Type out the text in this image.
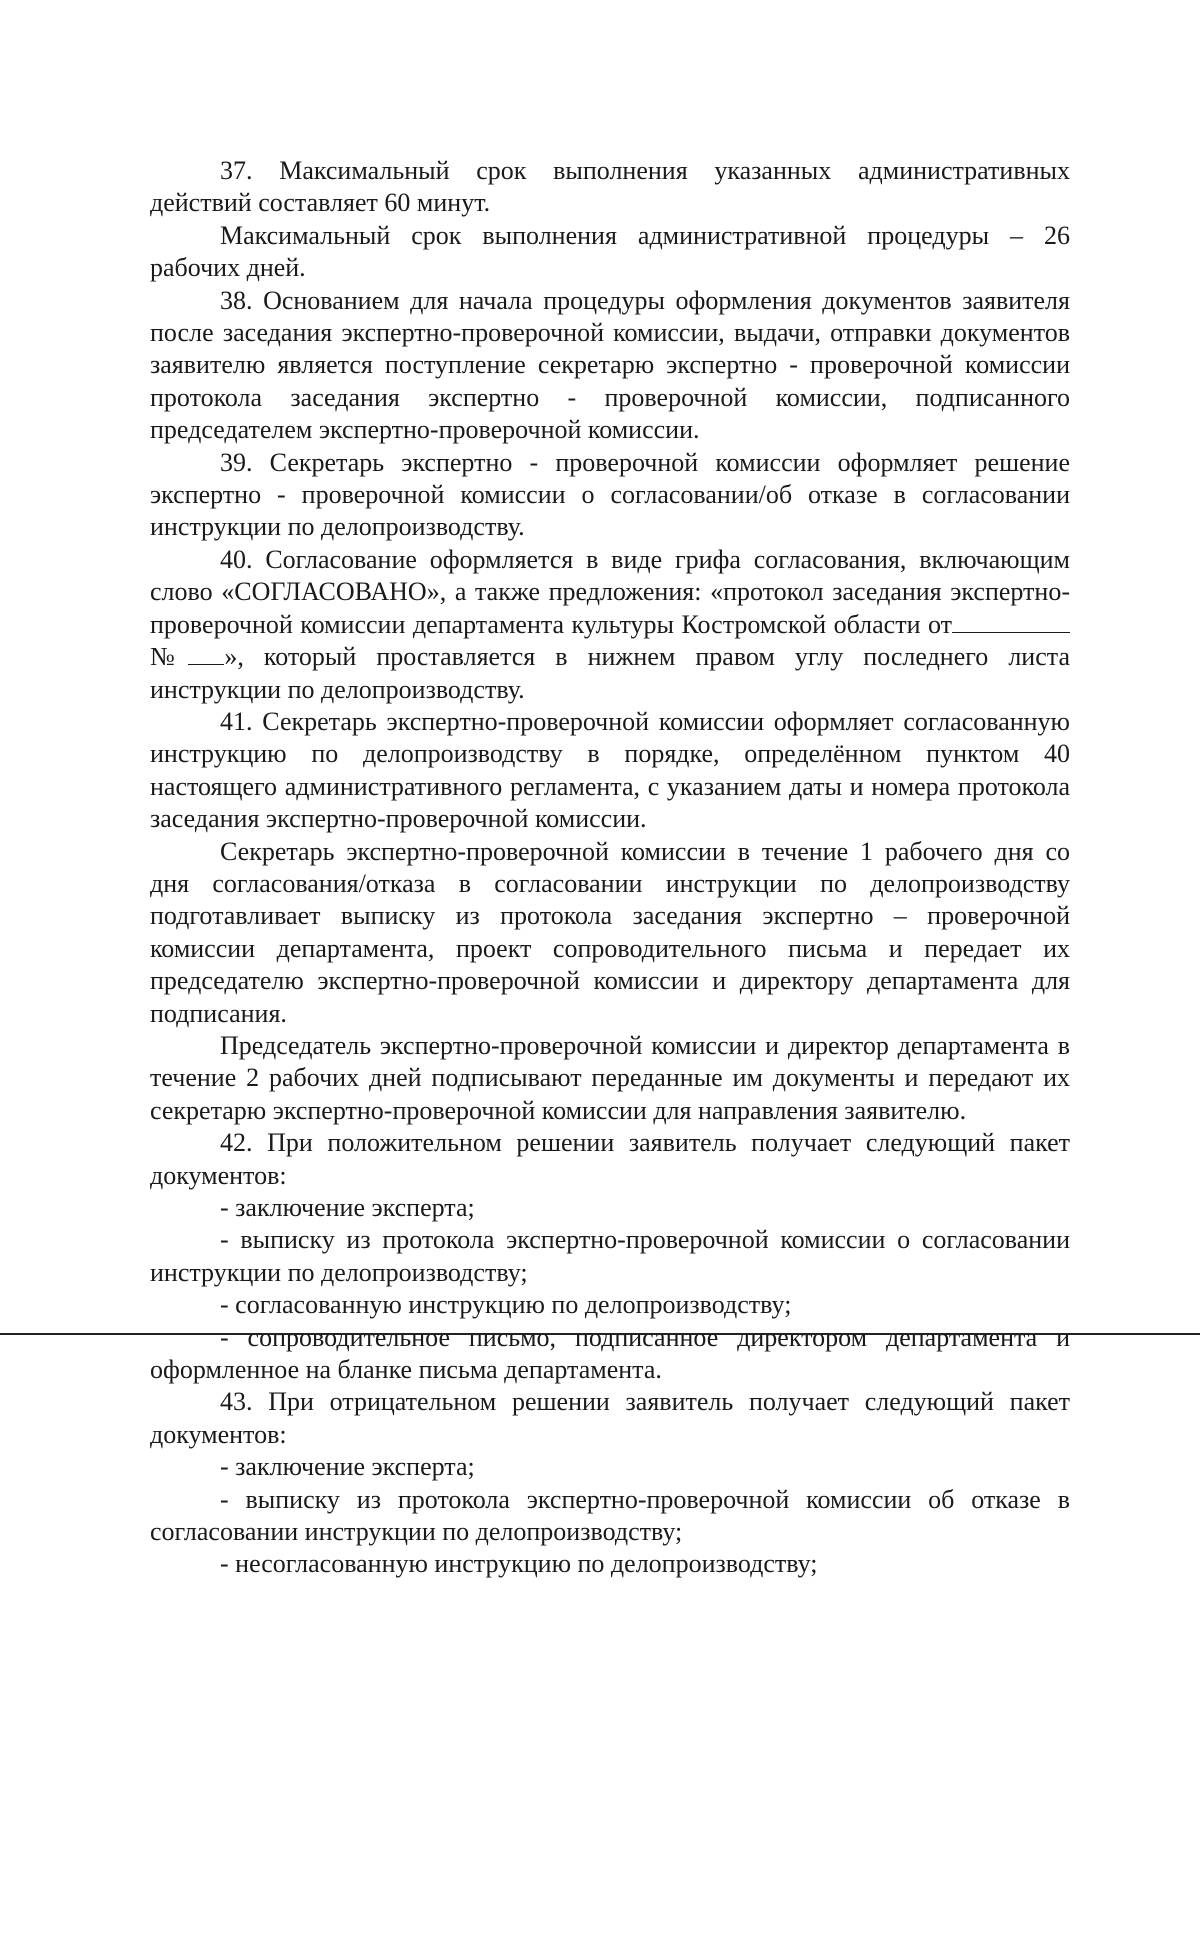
37. Максимальный срок выполнения указанных административных действий составляет 60 минут.

Максимальный срок выполнения административной процедуры – 26 рабочих дней.

38. Основанием для начала процедуры оформления документов заявителя после заседания экспертно-проверочной комиссии, выдачи, отправки документов заявителю является поступление секретарю экспертно - проверочной комиссии протокола заседания экспертно - проверочной комиссии, подписанного председателем экспертно-проверочной комиссии.

39. Секретарь экспертно - проверочной комиссии оформляет решение экспертно - проверочной комиссии о согласовании/об отказе в согласовании инструкции по делопроизводству.

40. Согласование оформляется в виде грифа согласования, включающим слово «СОГЛАСОВАНО», а также предложения: «протокол заседания экспертно-проверочной комиссии департамента культуры Костромской области от № », который проставляется в нижнем правом углу последнего листа инструкции по делопроизводству.

41. Секретарь экспертно-проверочной комиссии оформляет согласованную инструкцию по делопроизводству в порядке, определённом пунктом 40 настоящего административного регламента, с указанием даты и номера протокола заседания экспертно-проверочной комиссии.

Секретарь экспертно-проверочной комиссии в течение 1 рабочего дня со дня согласования/отказа в согласовании инструкции по делопроизводству подготавливает выписку из протокола заседания экспертно – проверочной комиссии департамента, проект сопроводительного письма и передает их председателю экспертно-проверочной комиссии и директору департамента для подписания.

Председатель экспертно-проверочной комиссии и директор департамента в течение 2 рабочих дней подписывают переданные им документы и передают их секретарю экспертно-проверочной комиссии для направления заявителю.

42. При положительном решении заявитель получает следующий пакет документов:

- заключение эксперта;

- выписку из протокола экспертно-проверочной комиссии о согласовании инструкции по делопроизводству;

- согласованную инструкцию по делопроизводству;

- сопроводительное письмо, подписанное директором департамента и оформленное на бланке письма департамента.

43. При отрицательном решении заявитель получает следующий пакет документов:

- заключение эксперта;

- выписку из протокола экспертно-проверочной комиссии об отказе в согласовании инструкции по делопроизводству;

- несогласованную инструкцию по делопроизводству;
